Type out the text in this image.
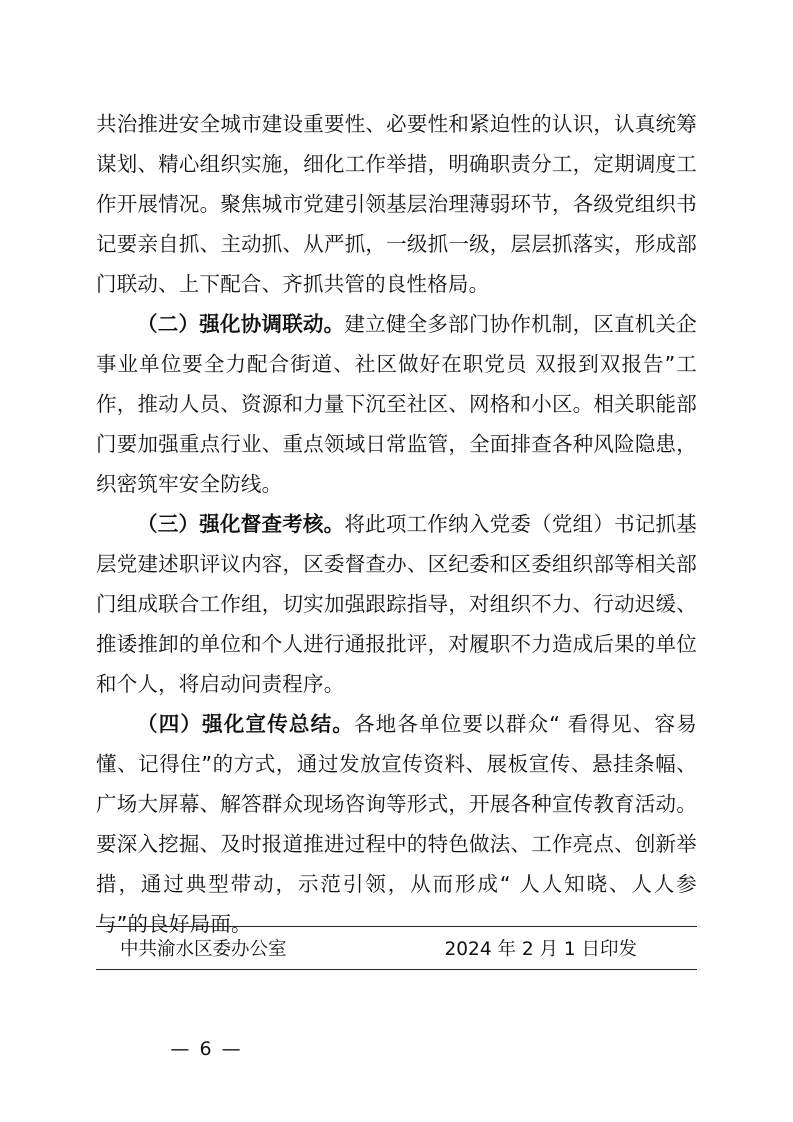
共治推进安全城市建设重要性、必要性和紧迫性的认识，认真统筹谋划、精心组织实施，细化工作举措，明确职责分工，定期调度工作开展情况。聚焦城市党建引领基层治理薄弱环节，各级党组织书记要亲自抓、主动抓、从严抓，一级抓一级，层层抓落实，形成部门联动、上下配合、齐抓共管的良性格局。

（二）强化协调联动。建立健全多部门协作机制，区直机关企事业单位要全力配合街道、社区做好在职党员 双报到双报告”工作，推动人员、资源和力量下沉至社区、网格和小区。相关职能部门要加强重点行业、重点领域日常监管，全面排查各种风险隐患，织密筑牢安全防线。

（三）强化督查考核。将此项工作纳入党委（党组）书记抓基层党建述职评议内容，区委督查办、区纪委和区委组织部等相关部门组成联合工作组，切实加强跟踪指导，对组织不力、行动迟缓、推诿推卸的单位和个人进行通报批评，对履职不力造成后果的单位和个人，将启动问责程序。

（四）强化宣传总结。各地各单位要以群众“ 看得见、容易懂、记得住”的方式，通过发放宣传资料、展板宣传、悬挂条幅、广场大屏幕、解答群众现场咨询等形式，开展各种宣传教育活动。要深入挖掘、及时报道推进过程中的特色做法、工作亮点、创新举措，通过典型带动，示范引领，从而形成“ 人人知晓、人人参与”的良好局面。

中共渝水区委办公室	2024 年 2 月 1 日印发
— 6 —
